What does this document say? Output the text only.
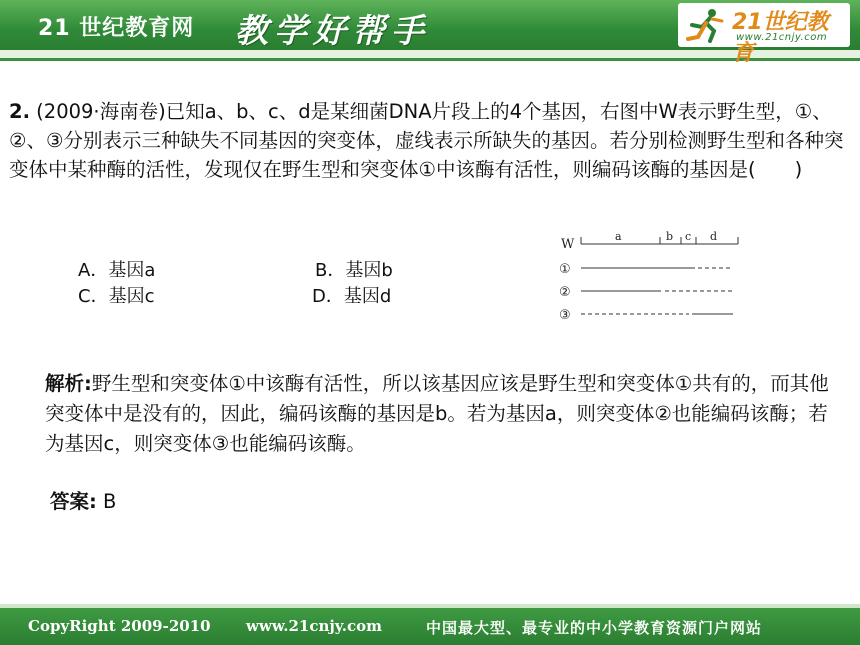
21 世纪教育网 教学好帮手	21世纪教育
www.21cnjy.com
2. (2009·海南卷)已知a、b、c、d是某细菌DNA片段上的4个基因，右图中W表示野生型，①、②、③分别表示三种缺失不同基因的突变体，虚线表示所缺失的基因。若分别检测野生型和各种突变体中某种酶的活性，发现仅在野生型和突变体①中该酶有活性，则编码该酶的基因是(　　)
A．基因a	B．基因b
C．基因c	D．基因d
W
a	b c d
①
②
③
解析:野生型和突变体①中该酶有活性，所以该基因应该是野生型和突变体①共有的，而其他突变体中是没有的，因此，编码该酶的基因是b。若为基因a，则突变体②也能编码该酶；若为基因c，则突变体③也能编码该酶。
答案: B
CopyRight 2009-2010 www.21cnjy.com	中国最大型、最专业的中小学教育资源门户网站
